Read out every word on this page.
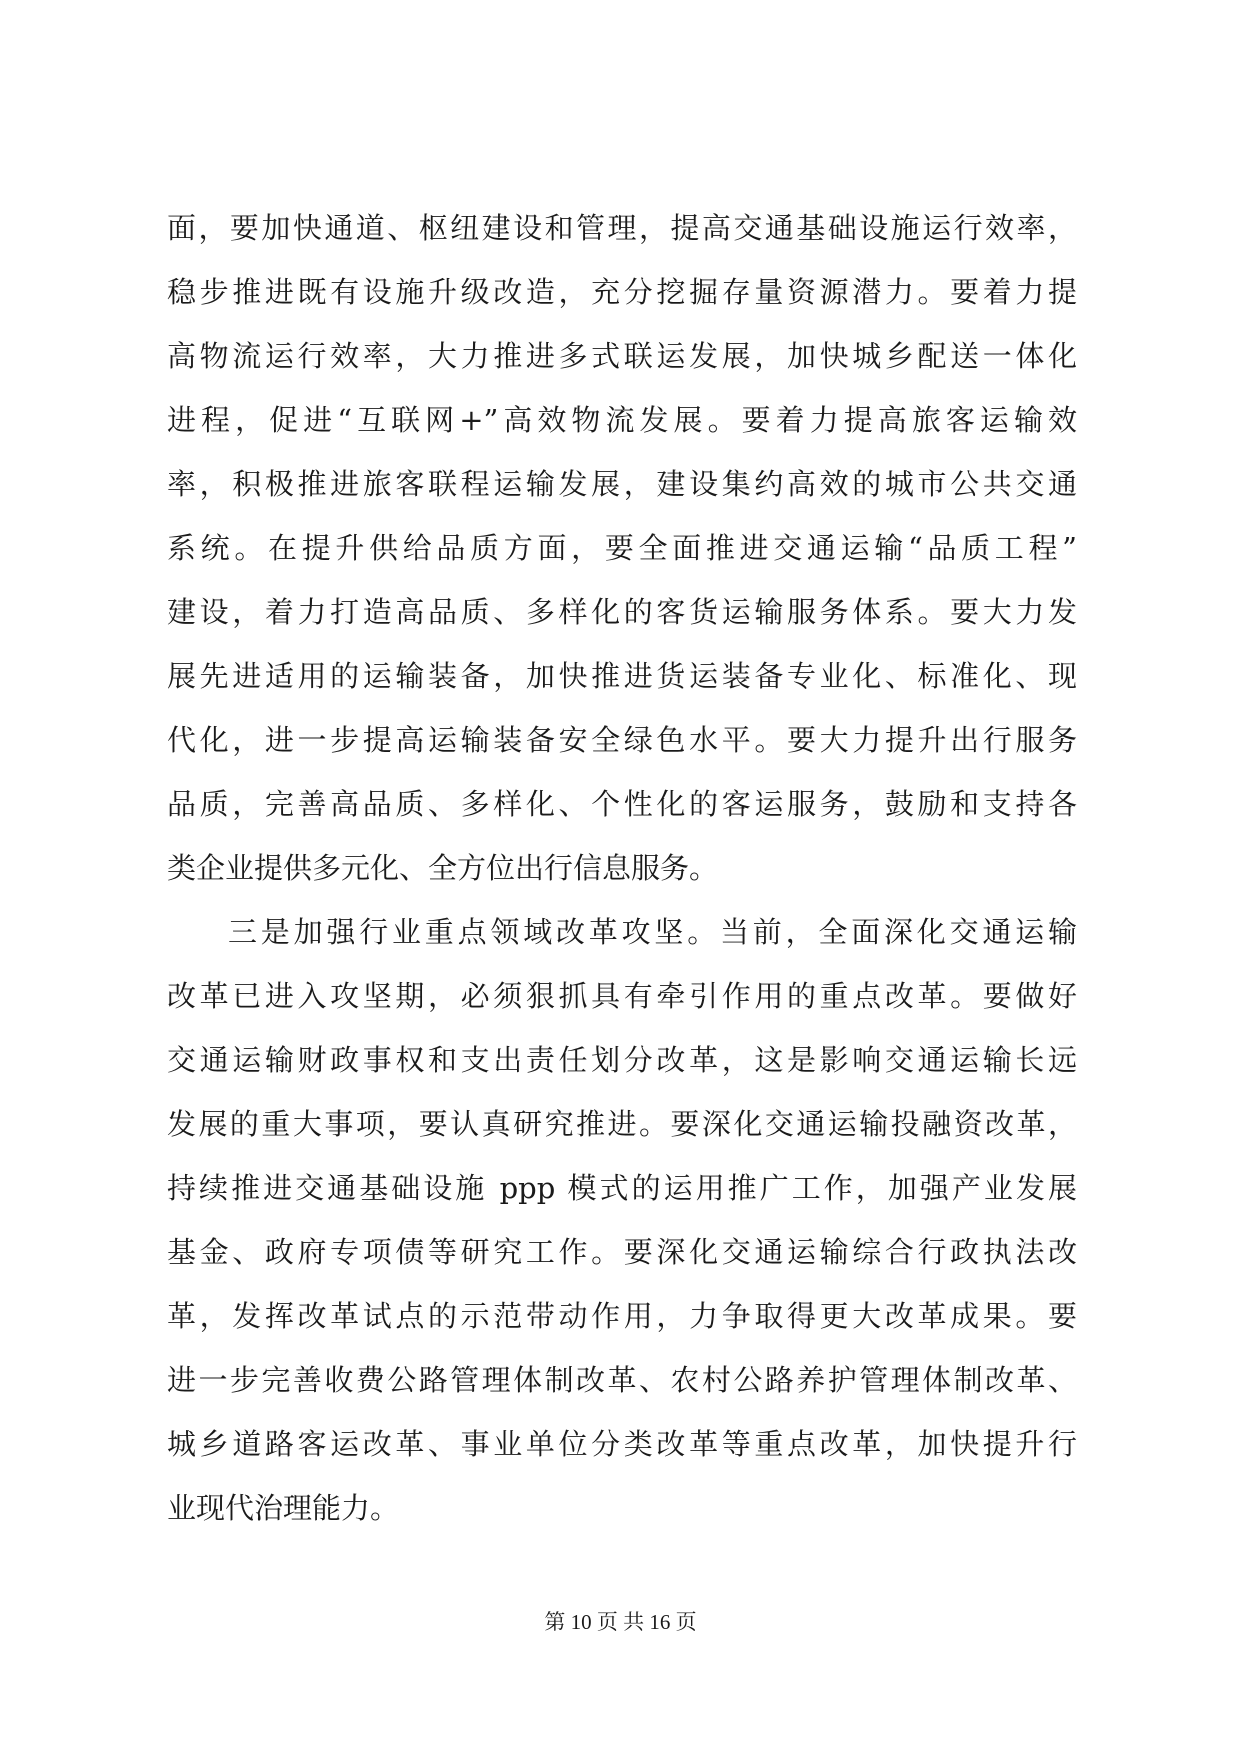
面，要加快通道、枢纽建设和管理，提高交通基础设施运行效率，
稳步推进既有设施升级改造，充分挖掘存量资源潜力。要着力提
高物流运行效率，大力推进多式联运发展，加快城乡配送一体化
进程，促进“互联网+”高效物流发展。要着力提高旅客运输效
率，积极推进旅客联程运输发展，建设集约高效的城市公共交通
系统。在提升供给品质方面，要全面推进交通运输“品质工程”
建设，着力打造高品质、多样化的客货运输服务体系。要大力发
展先进适用的运输装备，加快推进货运装备专业化、标准化、现
代化，进一步提高运输装备安全绿色水平。要大力提升出行服务
品质，完善高品质、多样化、个性化的客运服务，鼓励和支持各
类企业提供多元化、全方位出行信息服务。
三是加强行业重点领域改革攻坚。当前，全面深化交通运输
改革已进入攻坚期，必须狠抓具有牵引作用的重点改革。要做好
交通运输财政事权和支出责任划分改革，这是影响交通运输长远
发展的重大事项，要认真研究推进。要深化交通运输投融资改革，
持续推进交通基础设施 ppp 模式的运用推广工作，加强产业发展
基金、政府专项债等研究工作。要深化交通运输综合行政执法改
革，发挥改革试点的示范带动作用，力争取得更大改革成果。要
进一步完善收费公路管理体制改革、农村公路养护管理体制改革、
城乡道路客运改革、事业单位分类改革等重点改革，加快提升行
业现代治理能力。
第 10 页 共 16 页
